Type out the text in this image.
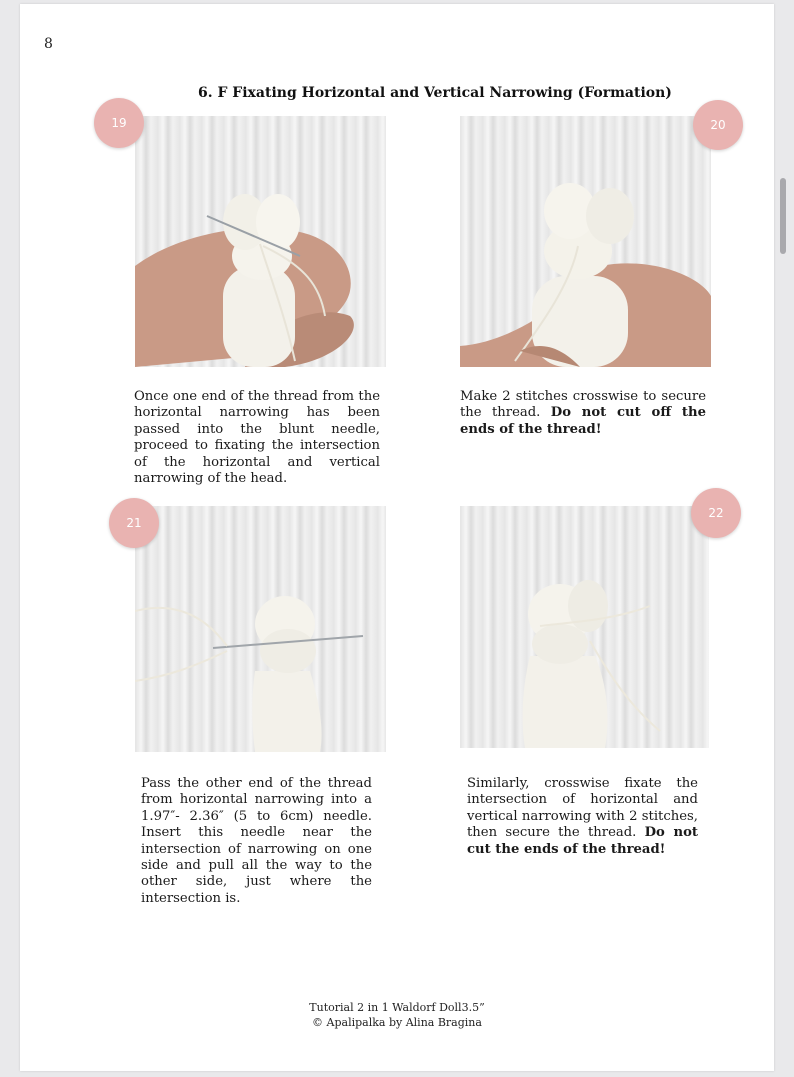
8
6. F Fixating Horizontal and Vertical Narrowing (Formation)
19	20
Once one end of the thread from the horizontal narrowing has been passed into the blunt needle, proceed to fixating the intersection of the horizontal and vertical narrowing of the head.
Make 2 stitches crosswise to secure the thread. Do not cut off the ends of the thread!
21
22
Pass the other end of the thread from horizontal narrowing into a 1.97″- 2.36″ (5 to 6cm) needle. Insert this needle near the intersection of narrowing on one side and pull all the way to the other side, just where the intersection is.
Similarly, crosswise fixate the intersection of horizontal and vertical narrowing with 2 stitches, then secure the thread. Do not cut the ends of the thread!
Tutorial 2 in 1 Waldorf Doll3.5”
© Apalipalka by Alina Bragina
